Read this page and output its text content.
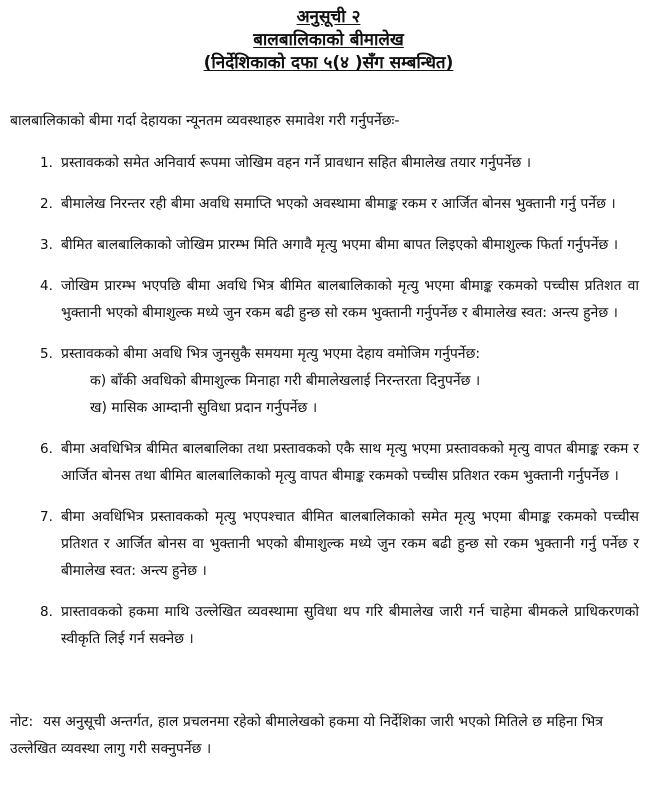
अनुसूची २
बालबालिकाको बीमालेख
(निर्देशिकाको दफा ५(४ )सँग सम्बन्धित)
बालबालिकाको बीमा गर्दा देहायका न्यूनतम व्यवस्थाहरु समावेश गरी गर्नुपर्नेछः-
1. प्रस्तावकको समेत अनिवार्य रूपमा जोखिम वहन गर्ने प्रावधान सहित बीमालेख तयार गर्नुपर्नेछ ।
2. बीमालेख निरन्तर रही बीमा अवधि समाप्ति भएको अवस्थामा बीमाङ्क रकम र आर्जित बोनस भुक्तानी गर्नु पर्नेछ ।
3. बीमित बालबालिकाको जोखिम प्रारम्भ मिति अगावै मृत्यु भएमा बीमा बापत लिइएको बीमाशुल्क फिर्ता गर्नुपर्नेछ ।
4. जोखिम प्रारम्भ भएपछि बीमा अवधि भित्र बीमित बालबालिकाको मृत्यु भएमा बीमाङ्क रकमको पच्चीस प्रतिशत वा भुक्तानी भएको बीमाशुल्क मध्ये जुन रकम बढी हुन्छ सो रकम भुक्तानी गर्नुपर्नेछ र बीमालेख स्वत: अन्त्य हुनेछ ।
5. प्रस्तावकको बीमा अवधि भित्र जुनसुकै समयमा मृत्यु भएमा देहाय वमोजिम गर्नुपर्नेछ:
क) बाँकी अवधिको बीमाशुल्क मिनाहा गरी बीमालेखलाई निरन्तरता दिनुपर्नेछ ।
ख) मासिक आम्दानी सुविधा प्रदान गर्नुपर्नेछ ।
6. बीमा अवधिभित्र बीमित बालबालिका तथा प्रस्तावकको एकै साथ मृत्यु भएमा प्रस्तावकको मृत्यु वापत बीमाङ्क रकम र आर्जित बोनस तथा बीमित बालबालिकाको मृत्यु वापत बीमाङ्क रकमको पच्चीस प्रतिशत रकम भुक्तानी गर्नुपर्नेछ ।
7. बीमा अवधिभित्र प्रस्तावकको मृत्यु भएपश्चात बीमित बालबालिकाको समेत मृत्यु भएमा बीमाङ्क रकमको पच्चीस प्रतिशत र आर्जित बोनस वा भुक्तानी भएको बीमाशुल्क मध्ये जुन रकम बढी हुन्छ सो रकम भुक्तानी गर्नु पर्नेछ र बीमालेख स्वत: अन्त्य हुनेछ ।
8. प्रास्तावकको हकमा माथि उल्लेखित व्यवस्थामा सुविधा थप गरि बीमालेख जारी गर्न चाहेमा बीमकले प्राधिकरणको स्वीकृति लिई गर्न सक्नेछ ।
नोट: यस अनुसूची अन्तर्गत, हाल प्रचलनमा रहेको बीमालेखको हकमा यो निर्देशिका जारी भएको मितिले छ महिना भित्र उल्लेखित व्यवस्था लागु गरी सक्नुपर्नेछ ।
